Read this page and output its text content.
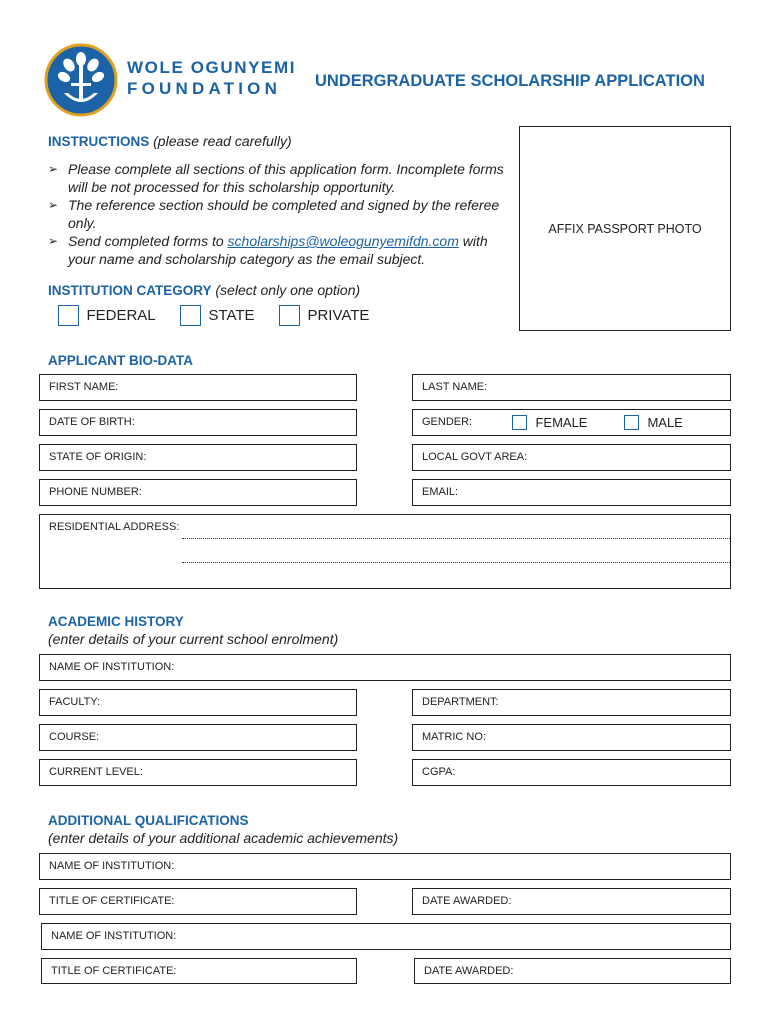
WOLE OGUNYEMI
FOUNDATION UNDERGRADUATE SCHOLARSHIP APPLICATION
INSTRUCTIONS (please read carefully)
➢ Please complete all sections of this application form. Incomplete forms will be not processed for this scholarship opportunity.
➢ The reference section should be completed and signed by the referee only.
➢ Send completed forms to scholarships@woleogunyemifdn.com with your name and scholarship category as the email subject.
AFFIX PASSPORT PHOTO
INSTITUTION CATEGORY (select only one option)
FEDERAL	STATE	PRIVATE
APPLICANT BIO-DATA
FIRST NAME:	LAST NAME:
DATE OF BIRTH:	GENDER:	FEMALE	MALE
STATE OF ORIGIN:	LOCAL GOVT AREA:
PHONE NUMBER:	EMAIL:
RESIDENTIAL ADDRESS:
ACADEMIC HISTORY
(enter details of your current school enrolment)
NAME OF INSTITUTION:
FACULTY:	DEPARTMENT:
COURSE:	MATRIC NO:
CURRENT LEVEL:	CGPA:
ADDITIONAL QUALIFICATIONS
(enter details of your additional academic achievements)
NAME OF INSTITUTION:
TITLE OF CERTIFICATE:	DATE AWARDED:
NAME OF INSTITUTION:
TITLE OF CERTIFICATE:	DATE AWARDED:
